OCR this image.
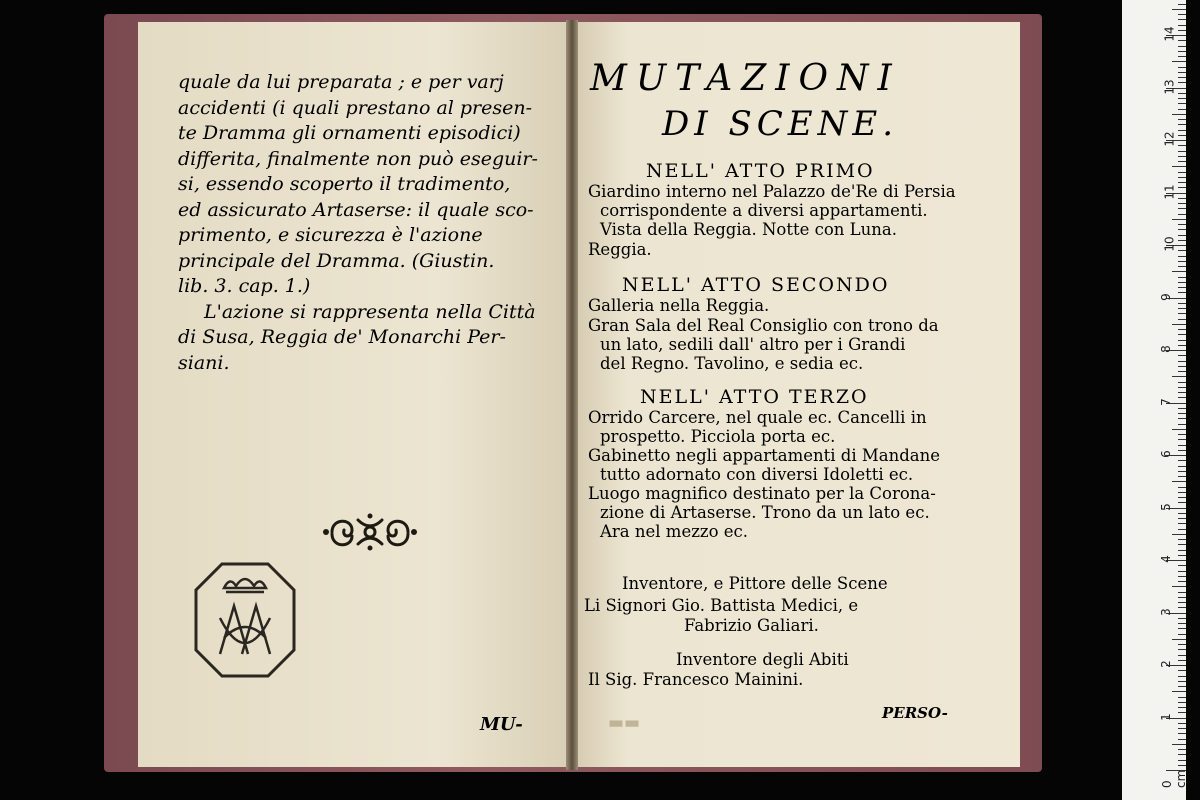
quale da lui preparata ; e per varj
accidenti (i quali prestano al presen-
te Dramma gli ornamenti episodici)
differita, finalmente non può eseguir-
si, essendo scoperto il tradimento,
ed assicurato Artaserse: il quale sco-
primento, e sicurezza è l'azione
principale del Dramma. (Giustin.
lib. 3. cap. 1.)
L'azione si rappresenta nella Città
di Susa, Reggia de' Monarchi Per-
siani.
MU-	▬▬
MUTAZIONI
DI SCENE.
NELL' ATTO PRIMO
Giardino interno nel Palazzo de'Re di Persia
corrispondente a diversi appartamenti.
Vista della Reggia. Notte con Luna.
Reggia.
NELL' ATTO SECONDO
Galleria nella Reggia.
Gran Sala del Real Consiglio con trono da
un lato, sedili dall' altro per i Grandi
del Regno. Tavolino, e sedia ec.
NELL' ATTO TERZO
Orrido Carcere, nel quale ec. Cancelli in
prospetto. Picciola porta ec.
Gabinetto negli appartamenti di Mandane
tutto adornato con diversi Idoletti ec.
Luogo magnifico destinato per la Corona-
zione di Artaserse. Trono da un lato ec.
Ara nel mezzo ec.
Inventore, e Pittore delle Scene
Li Signori Gio. Battista Medici, e
Fabrizio Galiari.
Inventore degli Abiti
Il Sig. Francesco Mainini.
PERSO-
0 cm
1
2
3
4
5
6
7
8
9
10
11
12
13
14
